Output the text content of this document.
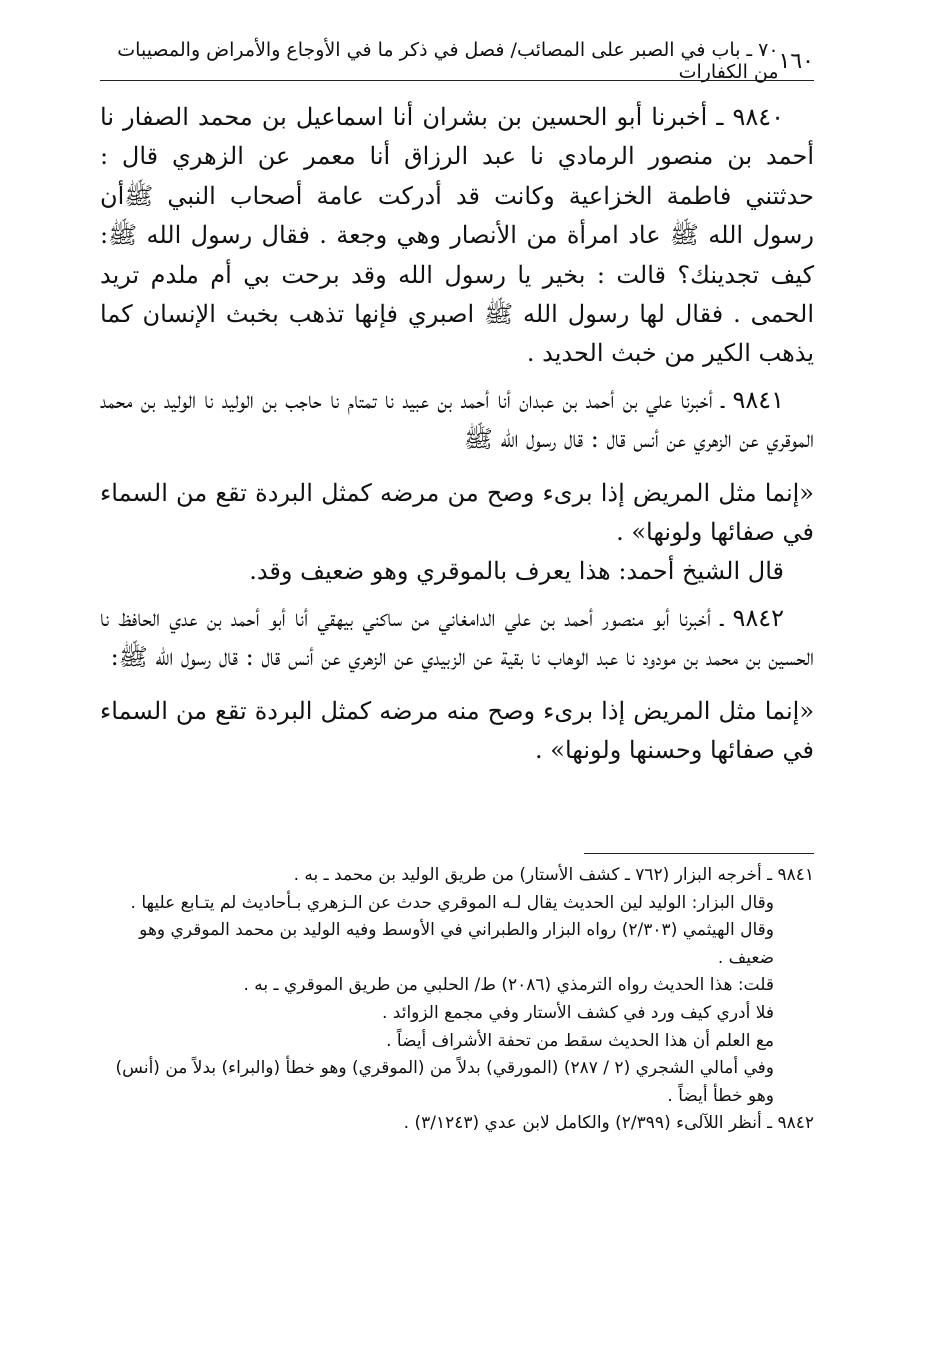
١٦٠
٧٠ ـ باب في الصبر على المصائب/ فصل في ذكر ما في الأوجاع والأمراض والمصيبات من الكفارات

٩٨٤٠ ـ أخبرنا أبو الحسين بن بشران أنا اسماعيل بن محمد الصفار نا أحمد بن منصور الرمادي نا عبد الرزاق أنا معمر عن الزهري قال : حدثتني فاطمة الخزاعية وكانت قد أدركت عامة أصحاب النبي ﷺأن رسول الله ﷺ عاد امرأة من الأنصار وهي وجعة . فقال رسول الله ﷺ: كيف تجدينك؟ قالت : بخير يا رسول الله وقد برحت بي أم ملدم تريد الحمى . فقال لها رسول الله ﷺ اصبري فإنها تذهب بخبث الإنسان كما يذهب الكير من خبث الحديد .

٩٨٤١ ـ أخبرنا علي بن أحمد بن عبدان أنا أحمد بن عبيد نا تمتام نا حاجب بن الوليد نا الوليد بن محمد الموقري عن الزهري عن أنس قال : قال رسول الله ﷺ

«إنما مثل المريض إذا برىء وصح من مرضه كمثل البردة تقع من السماء في صفائها ولونها» .

قال الشيخ أحمد: هذا يعرف بالموقري وهو ضعيف وقد.

٩٨٤٢ ـ أخبرنا أبو منصور أحمد بن علي الدامغاني من ساكني بيهقي أنا أبو أحمد بن عدي الحافظ نا الحسين بن محمد بن مودود نا عبد الوهاب نا بقية عن الزبيدي عن الزهري عن أنس قال : قال رسول الله ﷺ:

«إنما مثل المريض إذا برىء وصح منه مرضه كمثل البردة تقع من السماء في صفائها وحسنها ولونها» .

٩٨٤١ ـ أخرجه البزار (٧٦٢ ـ كشف الأستار) من طريق الوليد بن محمد ـ به .

وقال البزار: الوليد لين الحديث يقال لـه الموقري حدث عن الـزهري بـأحاديث لم يتـابع عليها .

وقال الهيثمي (٢/٣٠٣) رواه البزار والطبراني في الأوسط وفيه الوليد بن محمد الموقري وهو ضعيف .

قلت: هذا الحديث رواه الترمذي (٢٠٨٦) ط/ الحلبي من طريق الموقري ـ به .

فلا أدري كيف ورد في كشف الأستار وفي مجمع الزوائد .

مع العلم أن هذا الحديث سقط من تحفة الأشراف أيضاً .

وفي أمالي الشجري (٢ / ٢٨٧) (المورقي) بدلاً من (الموقري) وهو خطأ (والبراء) بدلاً من (أنس) وهو خطأ أيضاً .

٩٨٤٢ ـ أنظر اللآلىء (٢/٣٩٩) والكامل لابن عدي (٣/١٢٤٣) .
